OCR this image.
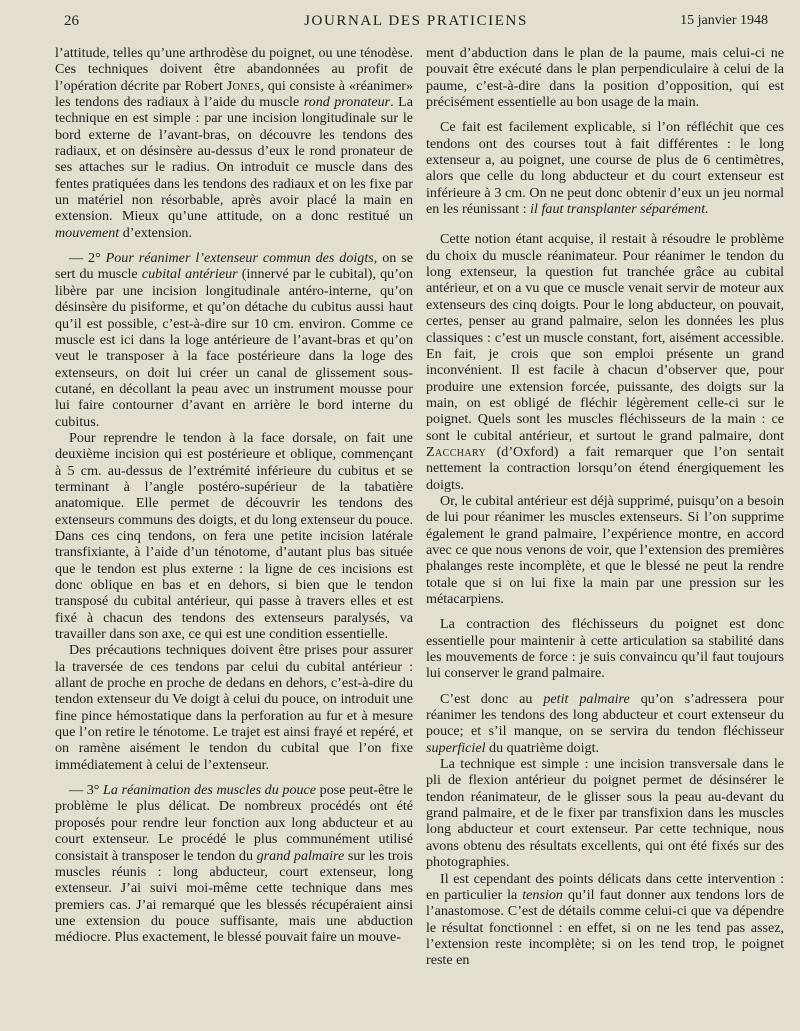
26	JOURNAL DES PRATICIENS	15 janvier 1948

l’attitude, telles qu’une arthrodèse du poignet, ou une ténodèse. Ces techniques doivent être abandonnées au profit de l’opération décrite par Robert Jones, qui consiste à «réanimer» les tendons des radiaux à l’aide du muscle rond pronateur. La technique en est simple : par une incision longitudinale sur le bord externe de l’avant-bras, on découvre les tendons des radiaux, et on désinsère au-dessus d’eux le rond pronateur de ses attaches sur le radius. On introduit ce muscle dans des fentes pratiquées dans les tendons des radiaux et on les fixe par un matériel non résorbable, après avoir placé la main en extension. Mieux qu’une attitude, on a donc restitué un mouvement d’extension.

— 2° Pour réanimer l’extenseur commun des doigts, on se sert du muscle cubital antérieur (innervé par le cubital), qu’on libère par une incision longitudinale antéro-interne, qu’on désinsère du pisiforme, et qu’on détache du cubitus aussi haut qu’il est possible, c’est-à-dire sur 10 cm. environ. Comme ce muscle est ici dans la loge antérieure de l’avant-bras et qu’on veut le transposer à la face postérieure dans la loge des extenseurs, on doit lui créer un canal de glissement sous-cutané, en décollant la peau avec un instrument mousse pour lui faire contourner d’avant en arrière le bord interne du cubitus.

Pour reprendre le tendon à la face dorsale, on fait une deuxième incision qui est postérieure et oblique, commençant à 5 cm. au-dessus de l’extrémité inférieure du cubitus et se terminant à l’angle postéro-supérieur de la tabatière anatomique. Elle permet de découvrir les tendons des extenseurs communs des doigts, et du long extenseur du pouce. Dans ces cinq tendons, on fera une petite incision latérale transfixiante, à l’aide d’un ténotome, d’autant plus bas située que le tendon est plus externe : la ligne de ces incisions est donc oblique en bas et en dehors, si bien que le tendon transposé du cubital antérieur, qui passe à travers elles et est fixé à chacun des tendons des extenseurs paralysés, va travailler dans son axe, ce qui est une condition essentielle.

Des précautions techniques doivent être prises pour assurer la traversée de ces tendons par celui du cubital antérieur : allant de proche en proche de dedans en dehors, c’est-à-dire du tendon extenseur du Ve doigt à celui du pouce, on introduit une fine pince hémostatique dans la perforation au fur et à mesure que l’on retire le ténotome. Le trajet est ainsi frayé et repéré, et on ramène aisément le tendon du cubital que l’on fixe immédiatement à celui de l’extenseur.

— 3° La réanimation des muscles du pouce pose peut-être le problème le plus délicat. De nombreux procédés ont été proposés pour rendre leur fonction aux long abducteur et au court extenseur. Le procédé le plus communément utilisé consistait à transposer le tendon du grand palmaire sur les trois muscles réunis : long abducteur, court extenseur, long extenseur. J’ai suivi moi-même cette technique dans mes premiers cas. J’ai remarqué que les blessés récupéraient ainsi une extension du pouce suffisante, mais une abduction médiocre. Plus exactement, le blessé pouvait faire un mouve-

ment d’abduction dans le plan de la paume, mais celui-ci ne pouvait être exécuté dans le plan perpendiculaire à celui de la paume, c’est-à-dire dans la position d’opposition, qui est précisément essentielle au bon usage de la main.

Ce fait est facilement explicable, si l’on réfléchit que ces tendons ont des courses tout à fait différentes : le long extenseur a, au poignet, une course de plus de 6 centimètres, alors que celle du long abducteur et du court extenseur est inférieure à 3 cm. On ne peut donc obtenir d’eux un jeu normal en les réunissant : il faut transplanter séparément.

Cette notion étant acquise, il restait à résoudre le problème du choix du muscle réanimateur. Pour réanimer le tendon du long extenseur, la question fut tranchée grâce au cubital antérieur, et on a vu que ce muscle venait servir de moteur aux extenseurs des cinq doigts. Pour le long abducteur, on pouvait, certes, penser au grand palmaire, selon les données les plus classiques : c’est un muscle constant, fort, aisément accessible. En fait, je crois que son emploi présente un grand inconvénient. Il est facile à chacun d’observer que, pour produire une extension forcée, puissante, des doigts sur la main, on est obligé de fléchir légèrement celle-ci sur le poignet. Quels sont les muscles fléchisseurs de la main : ce sont le cubital antérieur, et surtout le grand palmaire, dont Zacchary (d’Oxford) a fait remarquer que l’on sentait nettement la contraction lorsqu’on étend énergiquement les doigts.

Or, le cubital antérieur est déjà supprimé, puisqu’on a besoin de lui pour réanimer les muscles extenseurs. Si l’on supprime également le grand palmaire, l’expérience montre, en accord avec ce que nous venons de voir, que l’extension des premières phalanges reste incomplète, et que le blessé ne peut la rendre totale que si on lui fixe la main par une pression sur les métacarpiens.

La contraction des fléchisseurs du poignet est donc essentielle pour maintenir à cette articulation sa stabilité dans les mouvements de force : je suis convaincu qu’il faut toujours lui conserver le grand palmaire.

C’est donc au petit palmaire qu’on s’adressera pour réanimer les tendons des long abducteur et court extenseur du pouce; et s’il manque, on se servira du tendon fléchisseur superficiel du quatrième doigt.

La technique est simple : une incision transversale dans le pli de flexion antérieur du poignet permet de désinsérer le tendon réanimateur, de le glisser sous la peau au-devant du grand palmaire, et de le fixer par transfixion dans les muscles long abducteur et court extenseur. Par cette technique, nous avons obtenu des résultats excellents, qui ont été fixés sur des photographies.

Il est cependant des points délicats dans cette intervention : en particulier la tension qu’il faut donner aux tendons lors de l’anastomose. C’est de détails comme celui-ci que va dépendre le résultat fonctionnel : en effet, si on ne les tend pas assez, l’extension reste incomplète; si on les tend trop, le poignet reste en
